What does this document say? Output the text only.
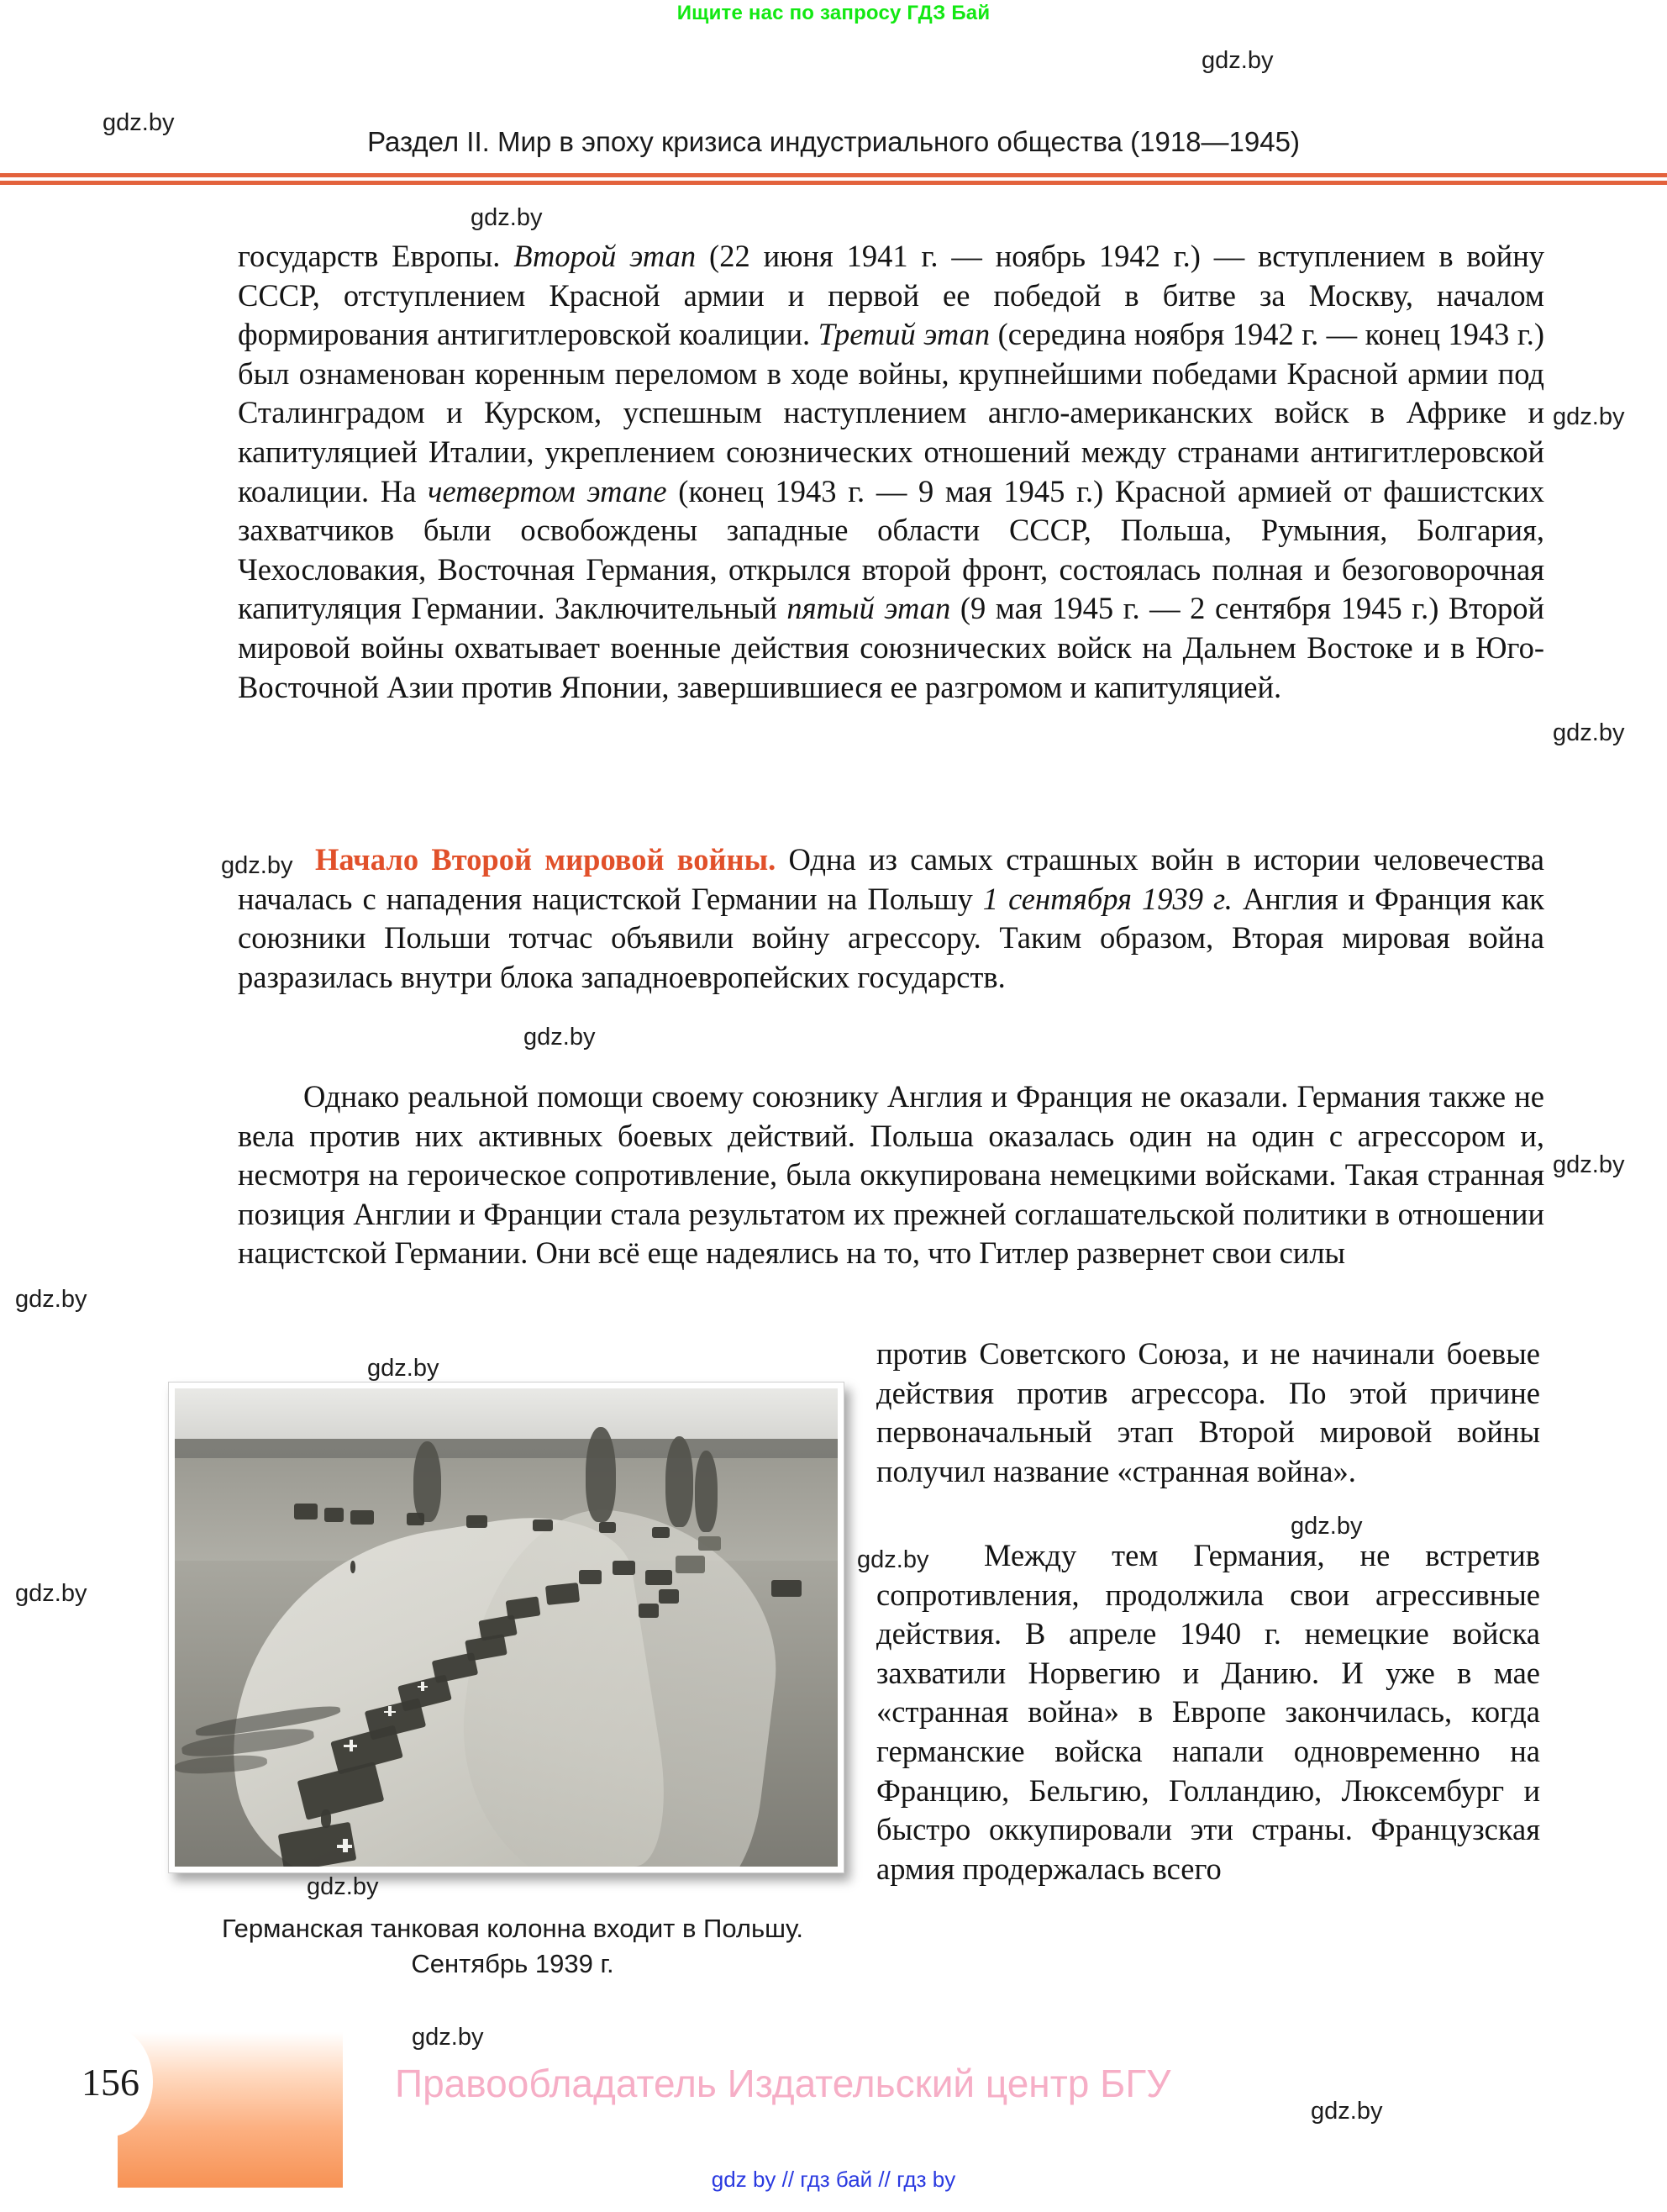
Ищите нас по запросу ГДЗ Бай
gdz.by
gdz.by
Раздел II. Мир в эпоху кризиса индустриального общества (1918—1945)
gdz.by

государств Европы. Второй этап (22 июня 1941 г. — ноябрь 1942 г.) — вступлением в войну СССР, отступлением Красной армии и первой ее победой в битве за Москву, началом формирования антигитлеровской коалиции. Третий этап (середина ноября 1942 г. — конец 1943 г.) был ознаменован коренным переломом в ходе войны, крупнейшими победами Красной армии под Сталинградом и Курском, успешным наступлением англо-американских войск в Африке и капитуляцией Италии, укреплением союзнических отношений между странами антигитлеровской коалиции. На четвертом этапе (конец 1943 г. — 9 мая 1945 г.) Красной армией от фашистских захватчиков были освобождены западные области СССР, Польша, Румыния, Болгария, Чехословакия, Восточная Германия, открылся второй фронт, состоялась полная и безоговорочная капитуляция Германии. Заключительный пятый этап (9 мая 1945 г. — 2 сентября 1945 г.) Второй мировой войны охватывает военные действия союзнических войск на Дальнем Востоке и в Юго-Восточной Азии против Японии, завершившиеся ее разгромом и капитуляцией.

gdz.by
gdz.by
gdz.by Начало Второй мировой войны. Одна из самых страшных войн в истории человечества началась с нападения нацистской Германии на Польшу 1 сентября 1939 г. Англия и Франция как союзники Польши тотчас объявили войну агрессору. Таким образом, Вторая мировая война разразилась внутри блока западноевропейских государств.

gdz.by

Однако реальной помощи своему союзнику Англия и Франция не оказали. Германия также не вела против них активных боевых действий. Польша оказалась один на один с агрессором и, несмотря на героическое сопротивление, была оккупирована немецкими войсками. Такая странная позиция Англии и Франции стала результатом их прежней соглашательской политики в отношении нацистской Германии. Они всё еще надеялись на то, что Гитлер развернет свои силы

gdz.by
gdz.by
gdz.by

против Советского Союза, и не начинали боевые действия против агрессора. По этой причине первоначальный этап Второй мировой войны получил название «странная война».

gdz.by
gdz.by	Между тем Германия, не встретив сопротивления, продолжила свои агрессивные действия. В апреле 1940 г. немецкие войска захватили Норвегию и Данию. И уже в мае «странная война» в Европе закончилась, когда германские войска напали одновременно на Францию, Бельгию, Голландию, Люксембург и быстро оккупировали эти страны. Французская армия продержалась всего

gdz.by
gdz.by
Германская танковая колонна входит в Польшу.
Сентябрь 1939 г.
156
gdz.by
Правообладатель Издательский центр БГУ
gdz.by
gdz by // гдз бай // гдз by
